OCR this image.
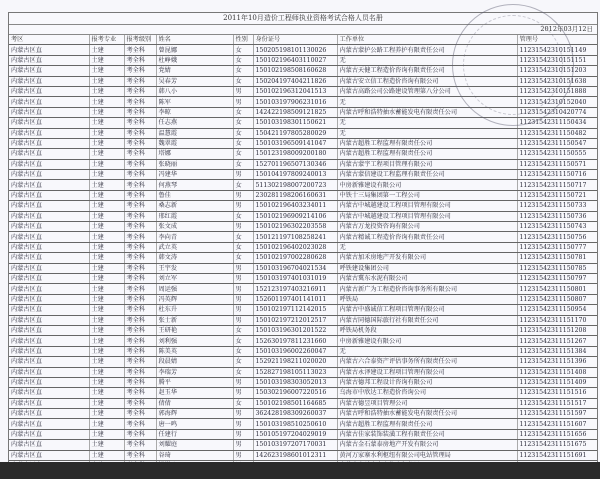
2011年10月造价工程师执业资格考试合格人员名册
2012年03月12日
考区	报考专业	报考级别	姓名	性别	身份证号	工作单位	管理号
内蒙古区直	土建	考全科	曾昆娜	女	150205198101130026	内蒙古蒙护公路工程养护有限责任公司	11231542310151149
内蒙古区直	土建	考全科	杜峥娥	女	150102196403110027	无	11231542310151151
内蒙古区直	土建	考全科	党婧	女	150102198508160628	内蒙古天健工程造价咨询有限责任公司	11231542310151203
内蒙古区直	土建	考全科	吴春芳	女	150204197404211826	内蒙古安立信工程造价咨询有限公司	11231542310151638
内蒙古区直	土建	考全科	韩八小	男	150102196312041513	内蒙古高路公司公路建设管理第八分公司	11231542310151888
内蒙古区直	土建	考全科	陈军	男	150103197906231016	无	11231542310152040
内蒙古区直	土建	考全科	李晾	女	142422198509121825	内蒙古呼和浩特抽水蓄能发电有限责任公司	11231542310420774
内蒙古区直	土建	考全科	任志燕	女	150103198301150621	无	11231542311150434
内蒙古区直	土建	考全科	温慧霞	女	150421197805280029	无	11231542311150482
内蒙古区直	土建	考全科	魏翠霞	女	150103196509141047	内蒙古超胜工程监理有限责任公司	11231542311150547
内蒙古区直	土建	考全科	塔娜	女	150123198009200180	内蒙古超胜工程监理有限责任公司	11231542311150555
内蒙古区直	土建	考全科	张晓丽	女	152701196507130346	内蒙古蒙宇工程项目管理有限公司	11231542311150571
内蒙古区直	土建	考全科	冯建华	男	150104197809240013	内蒙古蒙信建设工程监理有限责任公司	11231542311150716
内蒙古区直	土建	考全科	何燕琴	女	511302198007200723	中房新雅建设有限公司	11231542311150717
内蒙古区直	土建	考全科	鲁佳	男	230281198206160631	中铁十三局集团第一工程公司	11231542311150721
内蒙古区直	土建	考全科	桑志新	男	150102196403234011	内蒙古中城越建设工程项目管理有限公司	11231542311150733
内蒙古区直	土建	考全科	邢红霞	女	150102196909214106	内蒙古中城越建设工程项目管理有限公司	11231542311150736
内蒙古区直	土建	考全科	张文成	男	150102196302203558	内蒙古万龙投资咨询有限公司	11231542311150743
内蒙古区直	土建	考全科	李向青	女	150121197108258241	内蒙古精诚工程造价咨询有限责任公司	11231542311150756
内蒙古区直	土建	考全科	武立英	女	150102196402023028	无	11231542311150777
内蒙古区直	土建	考全科	韩文涛	女	150102197002280628	内蒙古加禾房地产开发有限公司	11231542311150781
内蒙古区直	土建	考全科	王宇发	男	150103196704021534	呼铁建设集团公司	11231542311150785
内蒙古区直	土建	考全科	刘立军	男	150103197401031019	内蒙古冀东水泥有限公司	11231542311150797
内蒙古区直	土建	考全科	周运强	男	152123197403216911	内蒙古新广为工程造价咨询事务所有限公司	11231542311150801
内蒙古区直	土建	考全科	冯英辉	男	152601197401141011	呼铁局	11231542311150807
内蒙古区直	土建	考全科	杜东升	男	150102197112142015	内蒙古中盛诚信工程项目管理有限公司	11231542311150954
内蒙古区直	土建	考全科	张士新	男	150102197212012517	内蒙古同德国际旅行社有限责任公司	11231542311151170
内蒙古区直	土建	考全科	王研艳	女	150103196301201522	呼铁局机务段	11231542311151208
内蒙古区直	土建	考全科	刘利强	女	152630197811231660	中房新雅建设有限公司	11231542311151267
内蒙古区直	土建	考全科	陈美英	女	150103196002260047	无	11231542311151384
内蒙古区直	土建	考全科	段晨婧	女	152921198211020020	内蒙古六合泰资产评估事务所有限责任公司	11231542311151396
内蒙古区直	土建	考全科	李瑞芳	女	152827198105113023	内蒙古永泽建设工程项目管理有限公司	11231542311151408
内蒙古区直	土建	考全科	腾平	男	150103198303052013	内蒙古德邦工程设计咨询有限公司	11231542311151409
内蒙古区直	土建	考全科	赵玉华	男	150302196007220516	乌海市中欣达工程造价咨询公司	11231542311151516
内蒙古区直	土建	考全科	倩倩	女	150102198501164685	内蒙古德昱项目管理公司	11231542311151517
内蒙古区直	土建	考全科	郭海辉	男	362428198309260037	内蒙古呼和浩特抽水蓄能发电有限责任公司	11231542311151597
内蒙古区直	土建	考全科	唐一鸣	男	150103198510250610	内蒙古超胜工程监理有限责任公司	11231542311151607
内蒙古区直	土建	考全科	任建行	男	150105197204029019	内蒙古佳家装饰装潢工程有限责任公司	11231542311151656
内蒙古区直	土建	考全科	刘耀庭	男	150103197207170031	内蒙古金石蒙泰房地产开发有限公司	11231542311151675
内蒙古区直	土建	考全科	谷琦	男	142623198601012311	黄河万家寨水利枢纽有限公司电站管理局	11231542311151691
